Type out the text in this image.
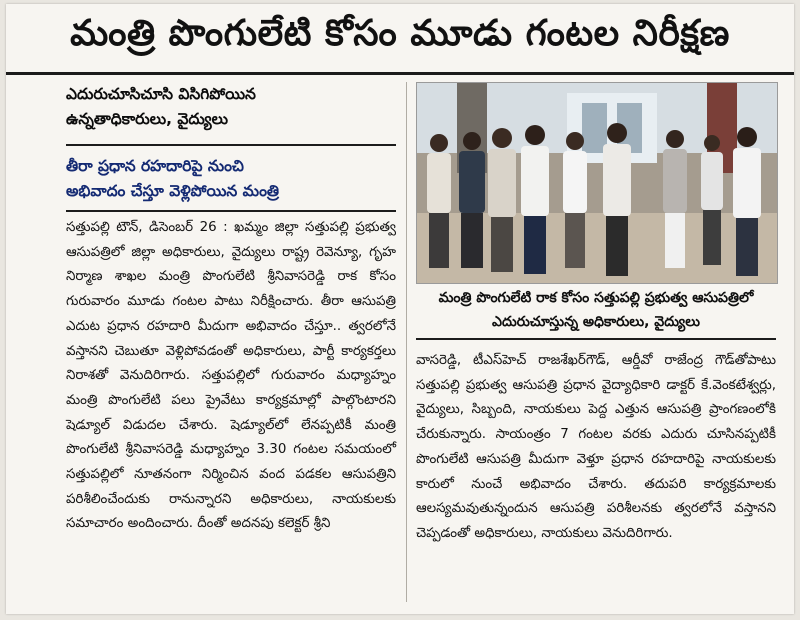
మంత్రి పొంగులేటి కోసం మూడు గంటల నిరీక్షణ
ఎదురుచూసిచూసి విసిగిపోయిన
ఉన్నతాధికారులు, వైద్యులు
తీరా ప్రధాన రహదారిపై నుంచి
అభివాదం చేస్తూ వెళ్లిపోయిన మంత్రి
సత్తుపల్లి టౌన్, డిసెంబర్ 26 : ఖమ్మం జిల్లా సత్తుపల్లి ప్రభుత్వ ఆసుపత్రిలో జిల్లా అధికారులు, వైద్యులు రాష్ట్ర రెవెన్యూ, గృహ నిర్మాణ శాఖల మంత్రి పొంగులేటి శ్రీనివాసరెడ్డి రాక కోసం గురువారం మూడు గంటల పాటు నిరీక్షించారు. తీరా ఆసుపత్రి ఎదుట ప్రధాన రహదారి మీదుగా అభివాదం చేస్తూ.. త్వరలోనే వస్తానని చెబుతూ వెళ్లిపోవడంతో అధికారులు, పార్టీ కార్యకర్తలు నిరాశతో వెనుదిరిగారు. సత్తుపల్లిలో గురువారం మధ్యాహ్నం మంత్రి పొంగులేటి పలు ప్రైవేటు కార్యక్రమాల్లో పాల్గొంటారని షెడ్యూల్ విడుదల చేశారు. షెడ్యూల్‌లో లేనప్పటికీ మంత్రి పొంగులేటి శ్రీనివాసరెడ్డి మధ్యాహ్నం 3.30 గంటల సమయంలో సత్తుపల్లిలో నూతనంగా నిర్మించిన వంద పడకల ఆసుపత్రిని పరిశీలించేందుకు రానున్నారని అధికారులు, నాయకులకు సమాచారం అందించారు. దీంతో అదనపు కలెక్టర్ శ్రీని
మంత్రి పొంగులేటి రాక కోసం సత్తుపల్లి ప్రభుత్వ ఆసుపత్రిలో ఎదురుచూస్తున్న అధికారులు, వైద్యులు
వాసరెడ్డి, టీఎస్‌హెచ్ రాజశేఖర్‌గౌడ్, ఆర్డీవో రాజేంద్ర గౌడ్‌తోపాటు సత్తుపల్లి ప్రభుత్వ ఆసుపత్రి ప్రధాన వైద్యాధికారి డాక్టర్ కే.వెంకటేశ్వర్లు, వైద్యులు, సిబ్బంది, నాయకులు పెద్ద ఎత్తున ఆసుపత్రి ప్రాంగణంలోకి చేరుకున్నారు. సాయంత్రం 7 గంటల వరకు ఎదురు చూసినప్పటికీ పొంగులేటి ఆసుపత్రి మీదుగా వెళ్తూ ప్రధాన రహదారిపై నాయకులకు కారులో నుంచే అభివాదం చేశారు. తదుపరి కార్యక్రమాలకు ఆలస్యమవుతున్నందున ఆసుపత్రి పరిశీలనకు త్వరలోనే వస్తానని చెప్పడంతో అధికారులు, నాయకులు వెనుదిరిగారు.
